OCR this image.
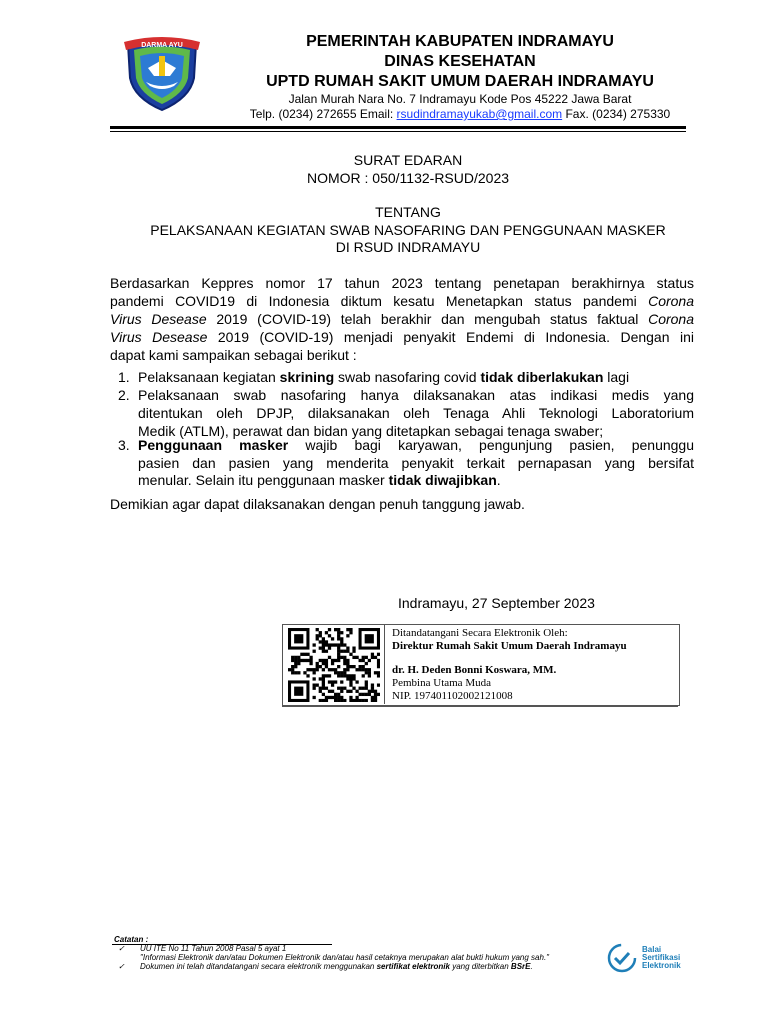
DARMA AYU	PEMERINTAH KABUPATEN INDRAMAYU
DINAS KESEHATAN
UPTD RUMAH SAKIT UMUM DAERAH INDRAMAYU
Jalan Murah Nara No. 7 Indramayu Kode Pos 45222 Jawa Barat
Telp. (0234) 272655 Email: rsudindramayukab@gmail.com Fax. (0234) 275330
SURAT EDARAN
NOMOR : 050/1132-RSUD/2023
TENTANG
PELAKSANAAN KEGIATAN SWAB NASOFARING DAN PENGGUNAAN MASKER
DI RSUD INDRAMAYU
Berdasarkan Keppres nomor 17 tahun 2023 tentang penetapan berakhirnya status
pandemi COVID19 di Indonesia diktum kesatu Menetapkan status pandemi Corona
Virus Desease 2019 (COVID-19) telah berakhir dan mengubah status faktual Corona
Virus Desease 2019 (COVID-19) menjadi penyakit Endemi di Indonesia. Dengan ini
dapat kami sampaikan sebagai berikut :
1. Pelaksanaan kegiatan skrining swab nasofaring covid tidak diberlakukan lagi
2. Pelaksanaan swab nasofaring hanya dilaksanakan atas indikasi medis yang
ditentukan oleh DPJP, dilaksanakan oleh Tenaga Ahli Teknologi Laboratorium
Medik (ATLM), perawat dan bidan yang ditetapkan sebagai tenaga swaber;
3. Penggunaan masker wajib bagi karyawan, pengunjung pasien, penunggu
pasien dan pasien yang menderita penyakit terkait pernapasan yang bersifat
menular. Selain itu penggunaan masker tidak diwajibkan.
Demikian agar dapat dilaksanakan dengan penuh tanggung jawab.
Indramayu, 27 September 2023
Ditandatangani Secara Elektronik Oleh:
Direktur Rumah Sakit Umum Daerah Indramayu
dr. H. Deden Bonni Koswara, MM.
Pembina Utama Muda
NIP. 197401102002121008
Catatan :
✓ UU ITE No 11 Tahun 2008 Pasal 5 ayat 1
"Informasi Elektronik dan/atau Dokumen Elektronik dan/atau hasil cetaknya merupakan alat bukti hukum yang sah."
✓ Dokumen ini telah ditandatangani secara elektronik menggunakan sertifikat elektronik yang diterbitkan BSrE.
Balai
Sertifikasi
Elektronik
